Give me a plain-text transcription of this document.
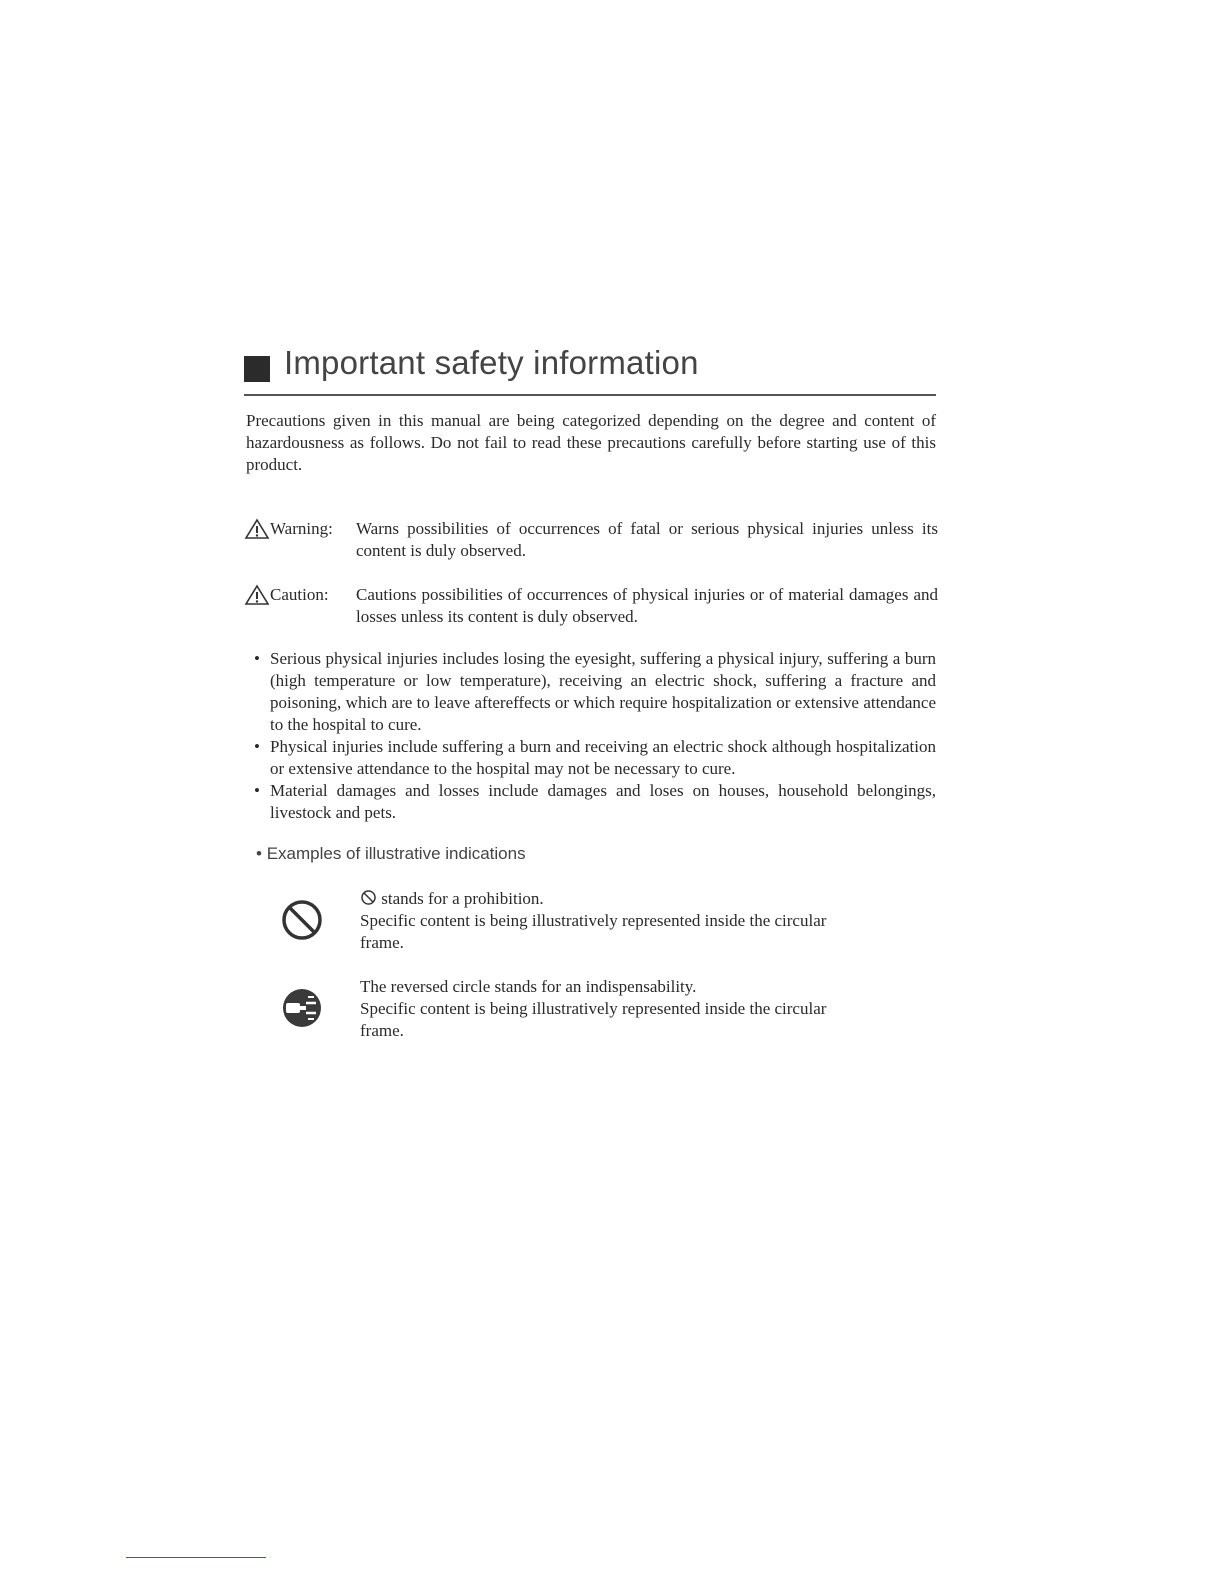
Important safety information
Precautions given in this manual are being categorized depending on the degree and content of hazardousness as follows. Do not fail to read these precautions carefully before starting use of this product.
Warning: Warns possibilities of occurrences of fatal or serious physical injuries unless its content is duly observed.
Caution: Cautions possibilities of occurrences of physical injuries or of material damages and losses unless its content is duly observed.
• Serious physical injuries includes losing the eyesight, suffering a physical injury, suffering a burn (high temperature or low temperature), receiving an electric shock, suffering a fracture and poisoning, which are to leave aftereffects or which require hospitalization or extensive attendance to the hospital to cure.
• Physical injuries include suffering a burn and receiving an electric shock although hospitalization or extensive attendance to the hospital may not be necessary to cure.
• Material damages and losses include damages and loses on houses, household belongings, livestock and pets.
• Examples of illustrative indications
stands for a prohibition.
Specific content is being illustratively represented inside the circular
frame.
The reversed circle stands for an indispensability.
Specific content is being illustratively represented inside the circular
frame.
